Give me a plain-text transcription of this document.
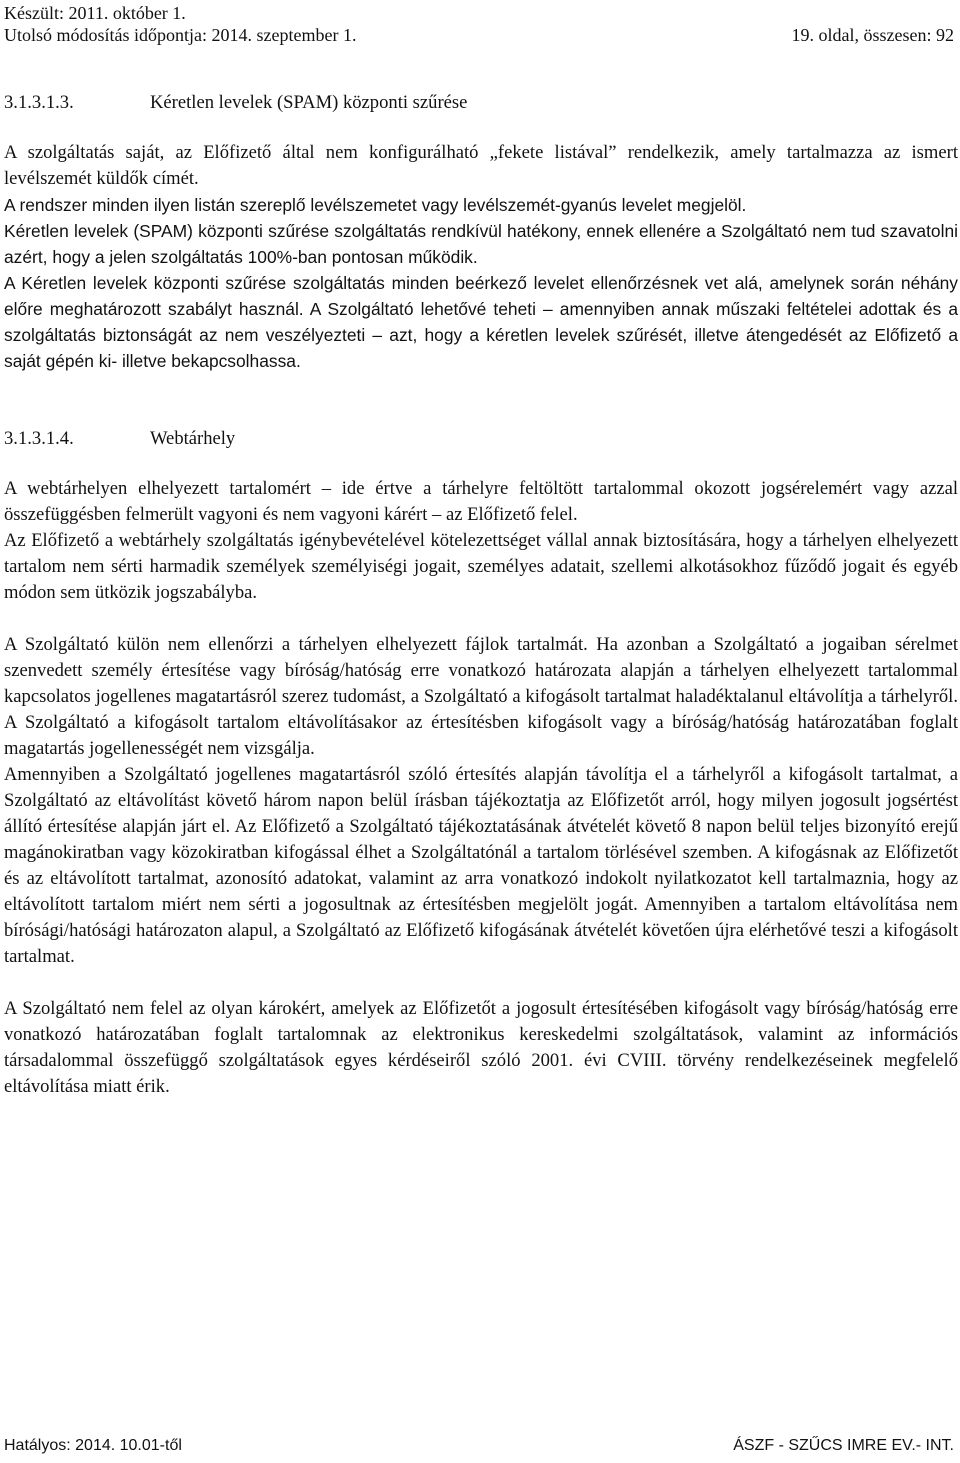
Készült: 2011. október 1.
Utolsó módosítás időpontja: 2014. szeptember 1.	19. oldal, összesen: 92
3.1.3.1.3.	Kéretlen levelek (SPAM) központi szűrése

A szolgáltatás saját, az Előfizető által nem konfigurálható „fekete listával” rendelkezik, amely tartalmazza az ismert levélszemét küldők címét.

A rendszer minden ilyen listán szereplő levélszemetet vagy levélszemét-gyanús levelet megjelöl.

Kéretlen levelek (SPAM) központi szűrése szolgáltatás rendkívül hatékony, ennek ellenére a Szolgáltató nem tud szavatolni azért, hogy a jelen szolgáltatás 100%-ban pontosan működik.

A Kéretlen levelek központi szűrése szolgáltatás minden beérkező levelet ellenőrzésnek vet alá, amelynek során néhány előre meghatározott szabályt használ. A Szolgáltató lehetővé teheti – amennyiben annak műszaki feltételei adottak és a szolgáltatás biztonságát az nem veszélyezteti – azt, hogy a kéretlen levelek szűrését, illetve átengedését az Előfizető a saját gépén ki- illetve bekapcsolhassa.

3.1.3.1.4.	Webtárhely

A webtárhelyen elhelyezett tartalomért – ide értve a tárhelyre feltöltött tartalommal okozott jogsérelemért vagy azzal összefüggésben felmerült vagyoni és nem vagyoni kárért – az Előfizető felel.

Az Előfizető a webtárhely szolgáltatás igénybevételével kötelezettséget vállal annak biztosítására, hogy a tárhelyen elhelyezett tartalom nem sérti harmadik személyek személyiségi jogait, személyes adatait, szellemi alkotásokhoz fűződő jogait és egyéb módon sem ütközik jogszabályba.

A Szolgáltató külön nem ellenőrzi a tárhelyen elhelyezett fájlok tartalmát. Ha azonban a Szolgáltató a jogaiban sérelmet szenvedett személy értesítése vagy bíróság/hatóság erre vonatkozó határozata alapján a tárhelyen elhelyezett tartalommal kapcsolatos jogellenes magatartásról szerez tudomást, a Szolgáltató a kifogásolt tartalmat haladéktalanul eltávolítja a tárhelyről. A Szolgáltató a kifogásolt tartalom eltávolításakor az értesítésben kifogásolt vagy a bíróság/hatóság határozatában foglalt magatartás jogellenességét nem vizsgálja.

Amennyiben a Szolgáltató jogellenes magatartásról szóló értesítés alapján távolítja el a tárhelyről a kifogásolt tartalmat, a Szolgáltató az eltávolítást követő három napon belül írásban tájékoztatja az Előfizetőt arról, hogy milyen jogosult jogsértést állító értesítése alapján járt el. Az Előfizető a Szolgáltató tájékoztatásának átvételét követő 8 napon belül teljes bizonyító erejű magánokiratban vagy közokiratban kifogással élhet a Szolgáltatónál a tartalom törlésével szemben. A kifogásnak az Előfizetőt és az eltávolított tartalmat, azonosító adatokat, valamint az arra vonatkozó indokolt nyilatkozatot kell tartalmaznia, hogy az eltávolított tartalom miért nem sérti a jogosultnak az értesítésben megjelölt jogát. Amennyiben a tartalom eltávolítása nem bírósági/hatósági határozaton alapul, a Szolgáltató az Előfizető kifogásának átvételét követően újra elérhetővé teszi a kifogásolt tartalmat.

A Szolgáltató nem felel az olyan károkért, amelyek az Előfizetőt a jogosult értesítésében kifogásolt vagy bíróság/hatóság erre vonatkozó határozatában foglalt tartalomnak az elektronikus kereskedelmi szolgáltatások, valamint az információs társadalommal összefüggő szolgáltatások egyes kérdéseiről szóló 2001. évi CVIII. törvény rendelkezéseinek megfelelő eltávolítása miatt érik.

Hatályos: 2014. 10.01-től	ÁSZF - SZŰCS IMRE EV.- INT.
